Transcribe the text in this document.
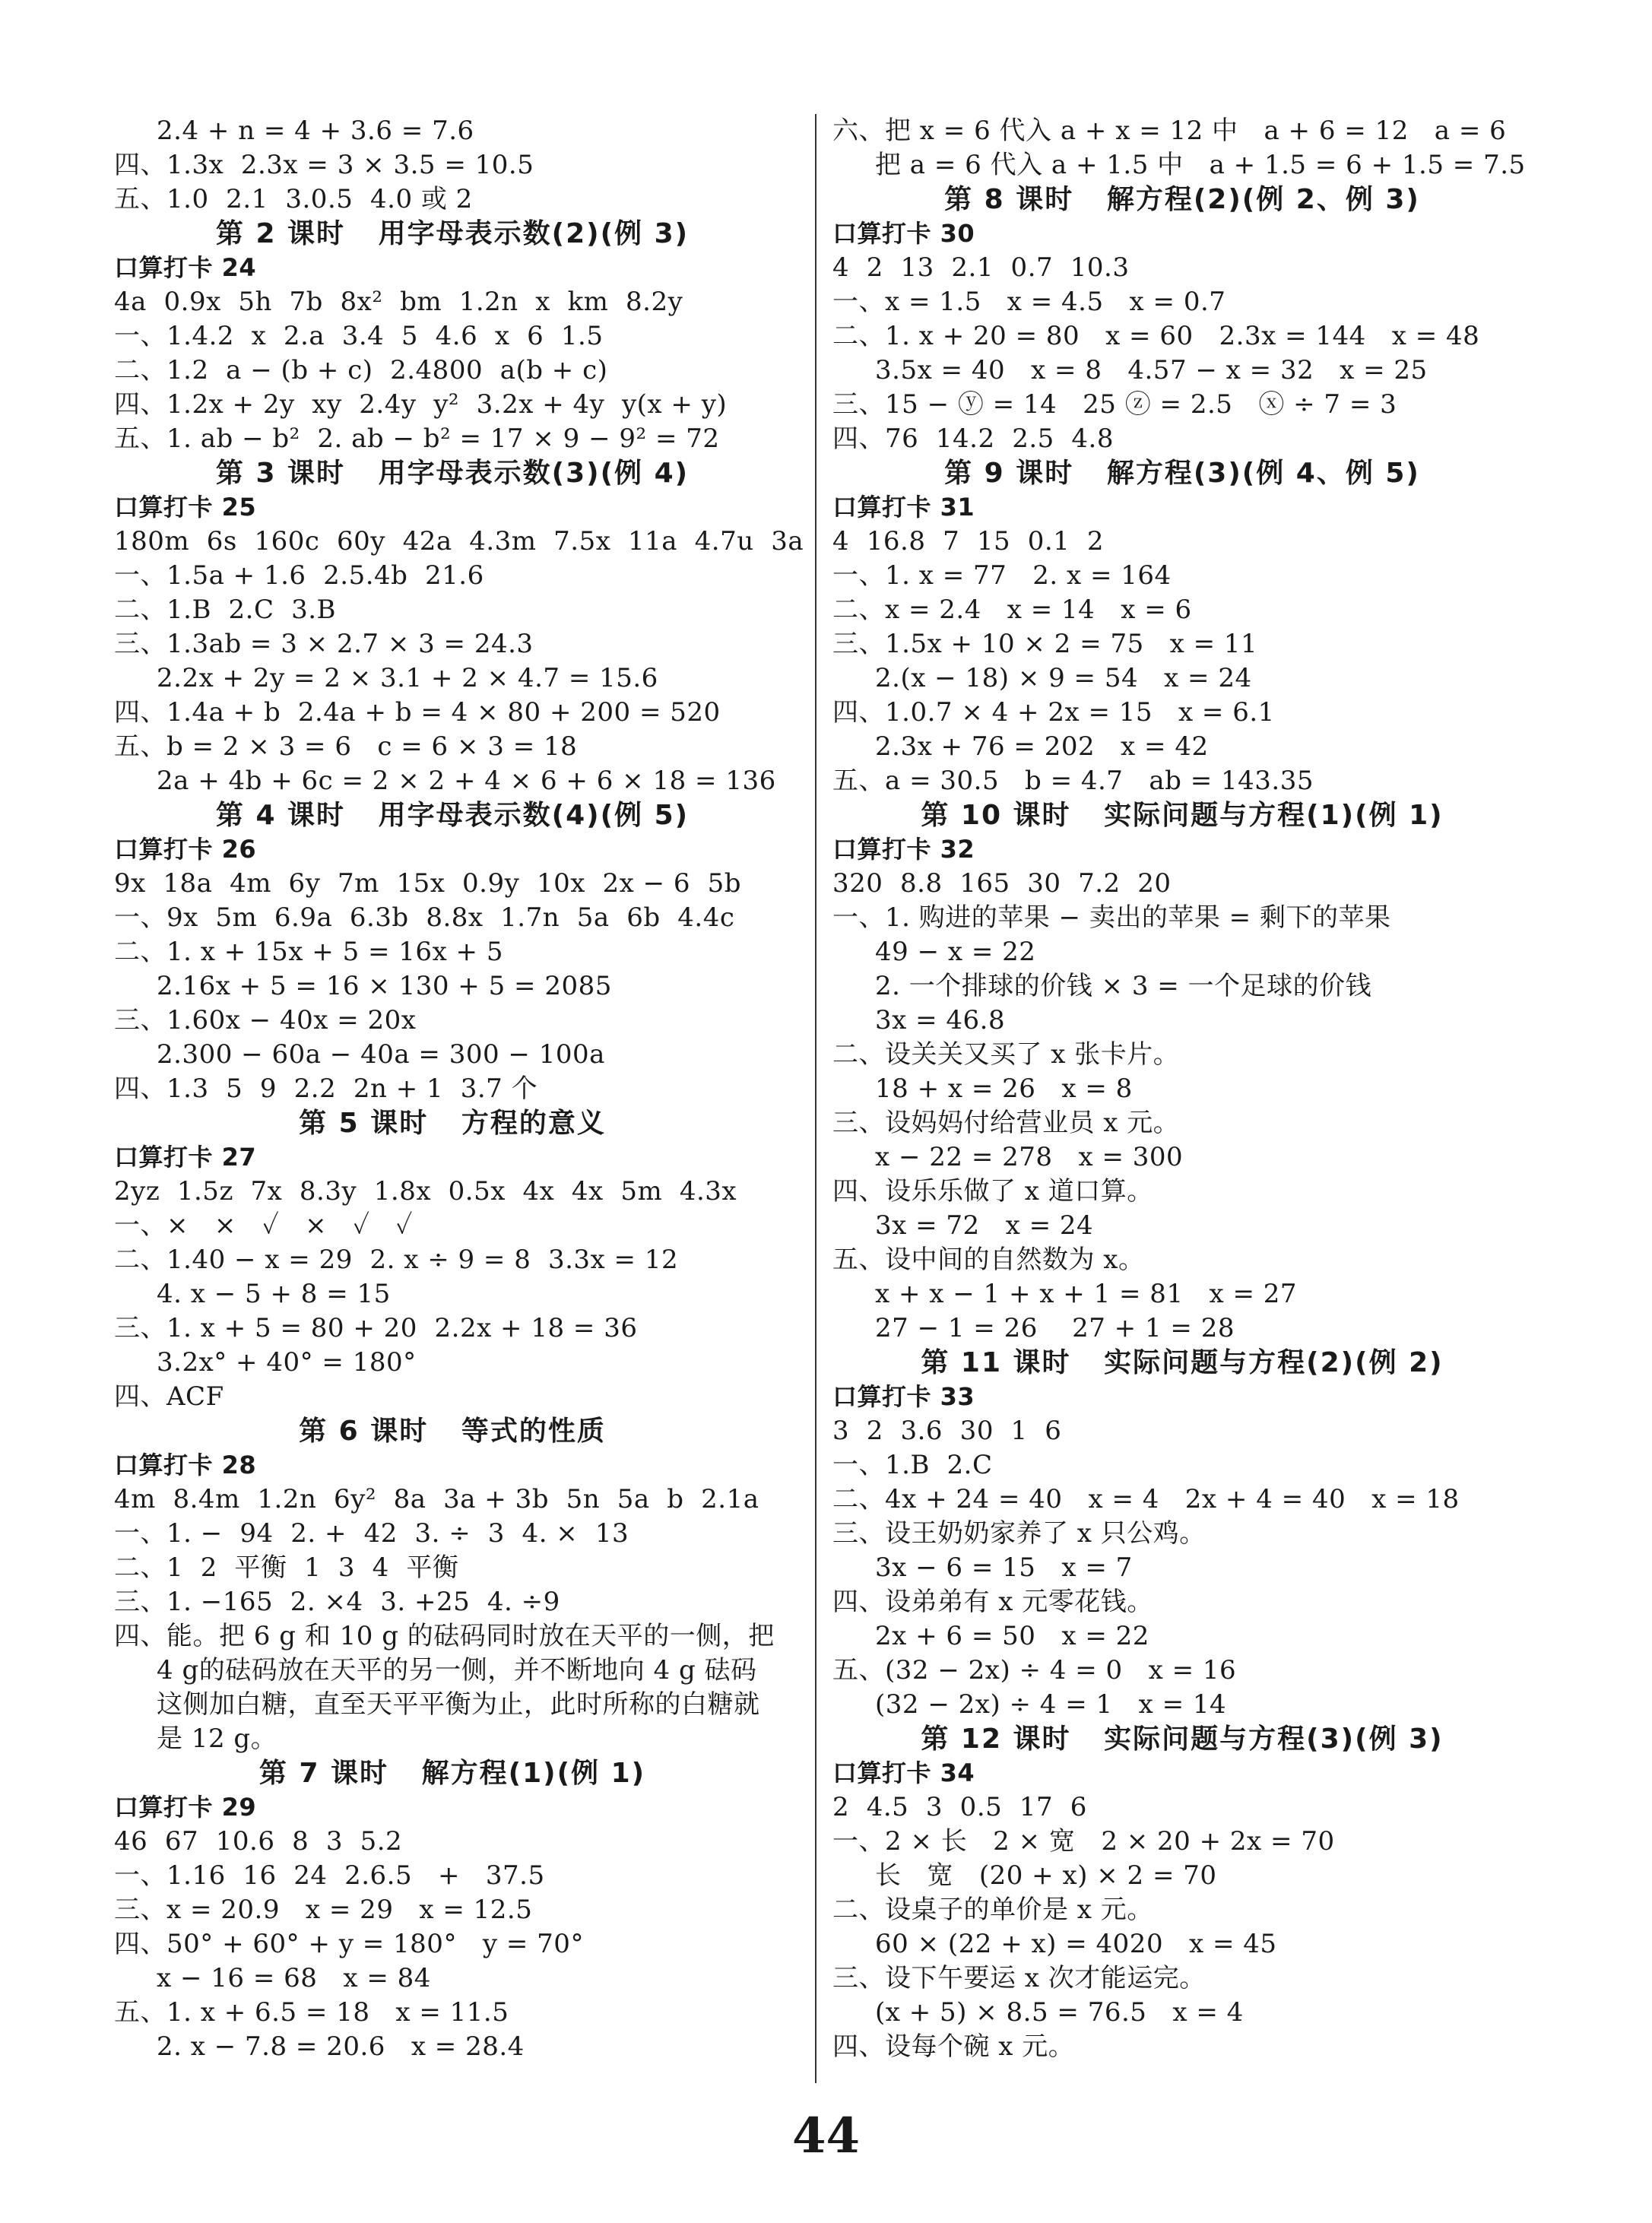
2.4 + n = 4 + 3.6 = 7.6
四、1.3x  2.3x = 3 × 3.5 = 10.5
五、1.0  2.1  3.0.5  4.0 或 2
第 2 课时   用字母表示数(2)(例 3)
口算打卡 24
4a  0.9x  5h  7b  8x²  bm  1.2n  x  km  8.2y
一、1.4.2  x  2.a  3.4  5  4.6  x  6  1.5
二、1.2  a − (b + c)  2.4800  a(b + c)
四、1.2x + 2y  xy  2.4y  y²  3.2x + 4y  y(x + y)
五、1. ab − b²  2. ab − b² = 17 × 9 − 9² = 72
第 3 课时   用字母表示数(3)(例 4)
口算打卡 25
180m  6s  160c  60y  42a  4.3m  7.5x  11a  4.7u  3a
一、1.5a + 1.6  2.5.4b  21.6
二、1.B  2.C  3.B
三、1.3ab = 3 × 2.7 × 3 = 24.3
2.2x + 2y = 2 × 3.1 + 2 × 4.7 = 15.6
四、1.4a + b  2.4a + b = 4 × 80 + 200 = 520
五、b = 2 × 3 = 6   c = 6 × 3 = 18
2a + 4b + 6c = 2 × 2 + 4 × 6 + 6 × 18 = 136
第 4 课时   用字母表示数(4)(例 5)
口算打卡 26
9x  18a  4m  6y  7m  15x  0.9y  10x  2x − 6  5b
一、9x  5m  6.9a  6.3b  8.8x  1.7n  5a  6b  4.4c
二、1. x + 15x + 5 = 16x + 5
2.16x + 5 = 16 × 130 + 5 = 2085
三、1.60x − 40x = 20x
2.300 − 60a − 40a = 300 − 100a
四、1.3  5  9  2.2  2n + 1  3.7 个
第 5 课时   方程的意义
口算打卡 27
2yz  1.5z  7x  8.3y  1.8x  0.5x  4x  4x  5m  4.3x
一、×   ×   ✓   ×   ✓   ✓
二、1.40 − x = 29  2. x ÷ 9 = 8  3.3x = 12
4. x − 5 + 8 = 15
三、1. x + 5 = 80 + 20  2.2x + 18 = 36
3.2x° + 40° = 180°
四、ACF
第 6 课时   等式的性质
口算打卡 28
4m  8.4m  1.2n  6y²  8a  3a + 3b  5n  5a  b  2.1a
一、1. −  94  2. +  42  3. ÷  3  4. ×  13
二、1  2  平衡  1  3  4  平衡
三、1. −165  2. ×4  3. +25  4. ÷9
四、能。把 6 g 和 10 g 的砝码同时放在天平的一侧，把
4 g的砝码放在天平的另一侧，并不断地向 4 g 砝码
这侧加白糖，直至天平平衡为止，此时所称的白糖就
是 12 g。
第 7 课时   解方程(1)(例 1)
口算打卡 29
46  67  10.6  8  3  5.2
一、1.16  16  24  2.6.5   +   37.5
三、x = 20.9   x = 29   x = 12.5
四、50° + 60° + y = 180°   y = 70°
x − 16 = 68   x = 84
五、1. x + 6.5 = 18   x = 11.5
2. x − 7.8 = 20.6   x = 28.4
六、把 x = 6 代入 a + x = 12 中   a + 6 = 12   a = 6
把 a = 6 代入 a + 1.5 中   a + 1.5 = 6 + 1.5 = 7.5
第 8 课时   解方程(2)(例 2、例 3)
口算打卡 30
4  2  13  2.1  0.7  10.3
一、x = 1.5   x = 4.5   x = 0.7
二、1. x + 20 = 80   x = 60   2.3x = 144   x = 48
3.5x = 40   x = 8   4.57 − x = 32   x = 25
三、15 − ⓨ = 14   25 ⓩ = 2.5   ⓧ ÷ 7 = 3
四、76  14.2  2.5  4.8
第 9 课时   解方程(3)(例 4、例 5)
口算打卡 31
4  16.8  7  15  0.1  2
一、1. x = 77   2. x = 164
二、x = 2.4   x = 14   x = 6
三、1.5x + 10 × 2 = 75   x = 11
2.(x − 18) × 9 = 54   x = 24
四、1.0.7 × 4 + 2x = 15   x = 6.1
2.3x + 76 = 202   x = 42
五、a = 30.5   b = 4.7   ab = 143.35
第 10 课时   实际问题与方程(1)(例 1)
口算打卡 32
320  8.8  165  30  7.2  20
一、1. 购进的苹果 − 卖出的苹果 = 剩下的苹果
49 − x = 22
2. 一个排球的价钱 × 3 = 一个足球的价钱
3x = 46.8
二、设关关又买了 x 张卡片。
18 + x = 26   x = 8
三、设妈妈付给营业员 x 元。
x − 22 = 278   x = 300
四、设乐乐做了 x 道口算。
3x = 72   x = 24
五、设中间的自然数为 x。
x + x − 1 + x + 1 = 81   x = 27
27 − 1 = 26    27 + 1 = 28
第 11 课时   实际问题与方程(2)(例 2)
口算打卡 33
3  2  3.6  30  1  6
一、1.B  2.C
二、4x + 24 = 40   x = 4   2x + 4 = 40   x = 18
三、设王奶奶家养了 x 只公鸡。
3x − 6 = 15   x = 7
四、设弟弟有 x 元零花钱。
2x + 6 = 50   x = 22
五、(32 − 2x) ÷ 4 = 0   x = 16
(32 − 2x) ÷ 4 = 1   x = 14
第 12 课时   实际问题与方程(3)(例 3)
口算打卡 34
2  4.5  3  0.5  17  6
一、2 × 长   2 × 宽   2 × 20 + 2x = 70
长   宽   (20 + x) × 2 = 70
二、设桌子的单价是 x 元。
60 × (22 + x) = 4020   x = 45
三、设下午要运 x 次才能运完。
(x + 5) × 8.5 = 76.5   x = 4
四、设每个碗 x 元。
44
